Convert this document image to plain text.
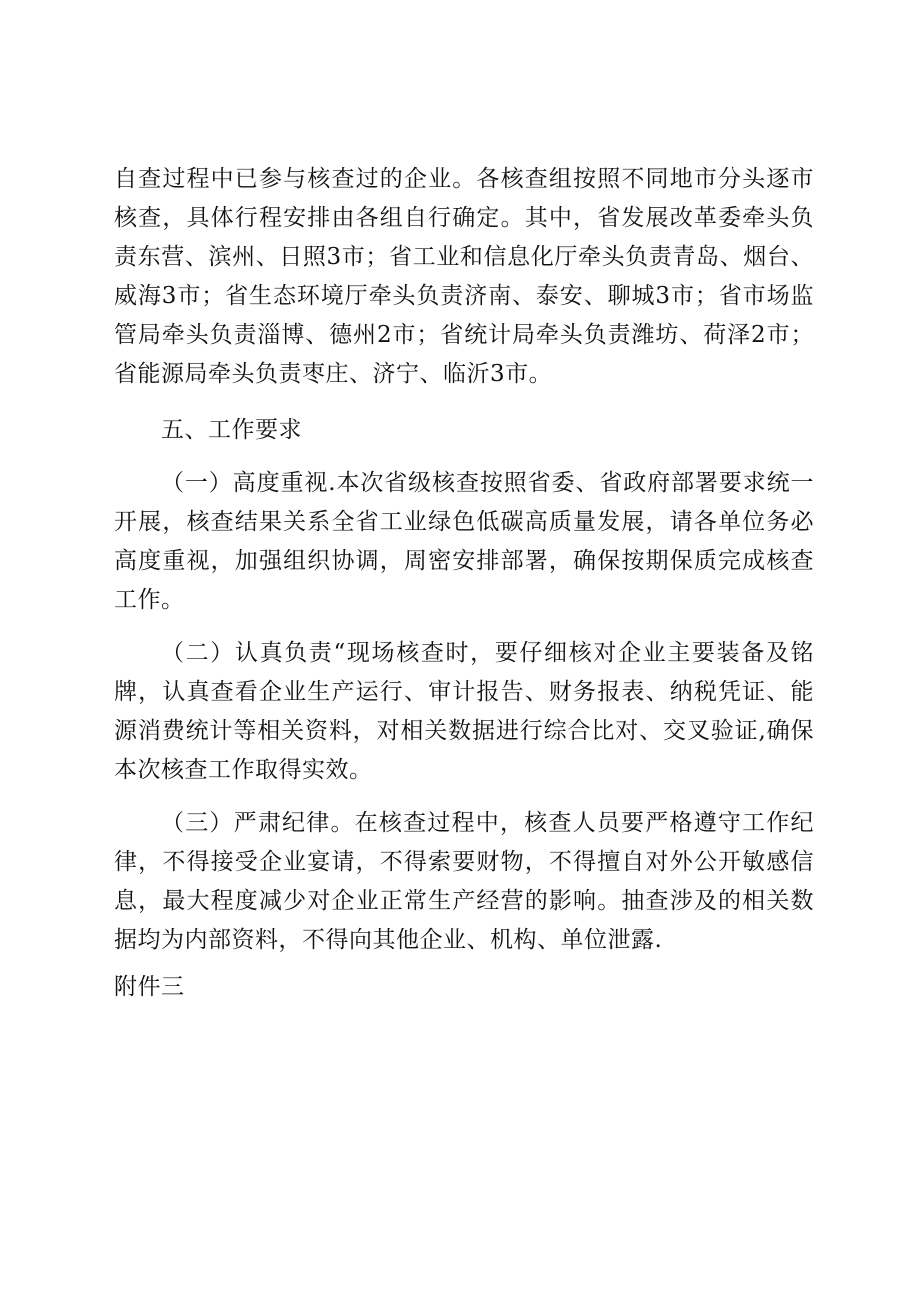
自查过程中已参与核查过的企业。各核查组按照不同地市分头逐市核查，具体行程安排由各组自行确定。其中，省发展改革委牵头负责东营、滨州、日照3市；省工业和信息化厅牵头负责青岛、烟台、威海3市；省生态环境厅牵头负责济南、泰安、聊城3市；省市场监管局牵头负责淄博、德州2市；省统计局牵头负责潍坊、荷泽2市；省能源局牵头负责枣庄、济宁、临沂3市。

五、工作要求

（一）高度重视.本次省级核查按照省委、省政府部署要求统一开展，核查结果关系全省工业绿色低碳高质量发展，请各单位务必高度重视，加强组织协调，周密安排部署，确保按期保质完成核查工作。

（二）认真负责“现场核查时，要仔细核对企业主要装备及铭牌，认真查看企业生产运行、审计报告、财务报表、纳税凭证、能源消费统计等相关资料，对相关数据进行综合比对、交叉验证,确保本次核查工作取得实效。

（三）严肃纪律。在核查过程中，核查人员要严格遵守工作纪律，不得接受企业宴请，不得索要财物，不得擅自对外公开敏感信息，最大程度减少对企业正常生产经营的影响。抽查涉及的相关数据均为内部资料，不得向其他企业、机构、单位泄露.

附件三
